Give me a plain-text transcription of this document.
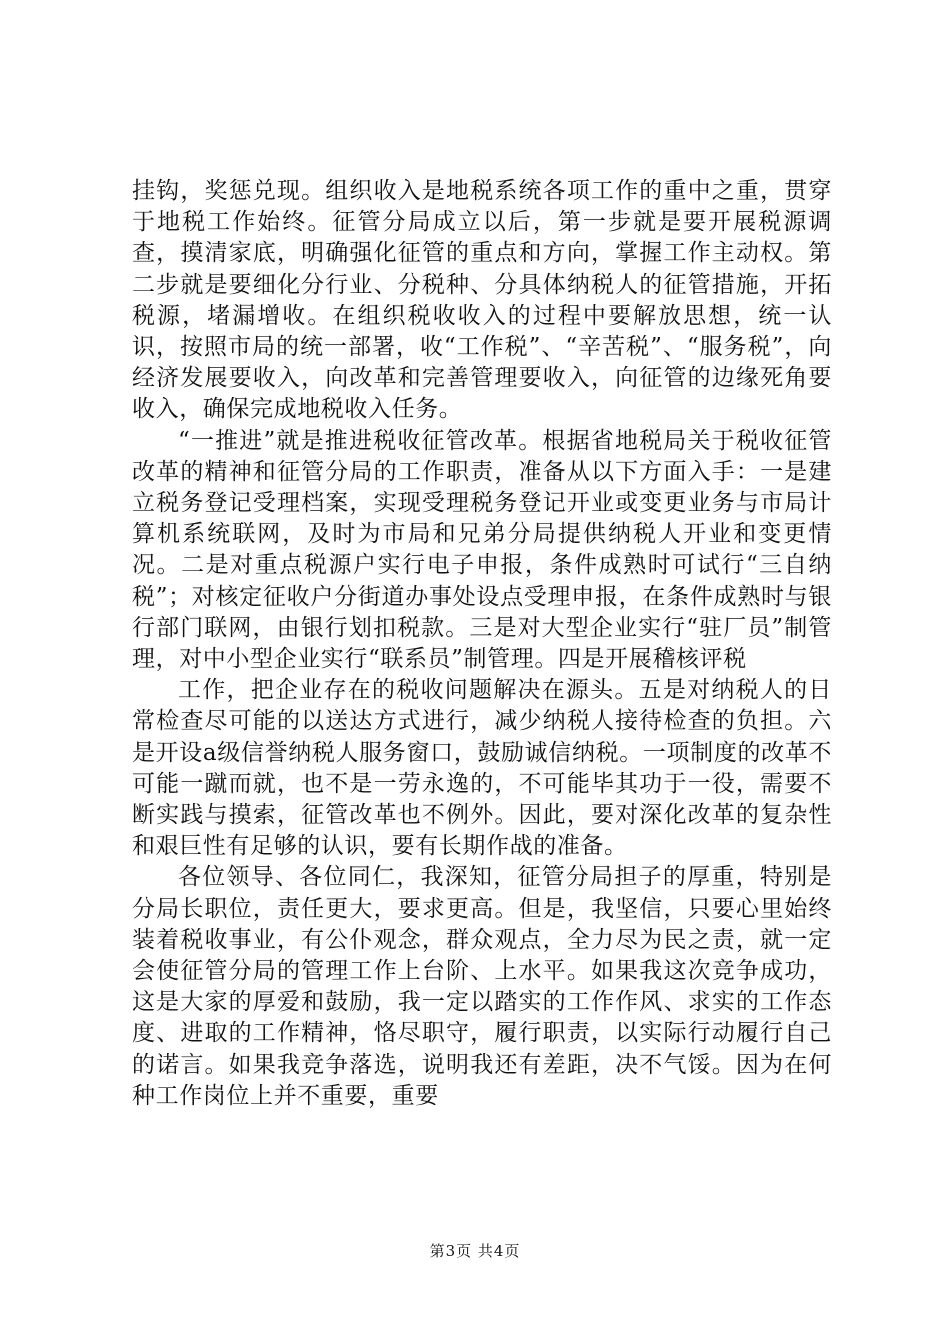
挂钩，奖惩兑现。组织收入是地税系统各项工作的重中之重，贯穿于地税工作始终。征管分局成立以后，第一步就是要开展税源调查，摸清家底，明确强化征管的重点和方向，掌握工作主动权。第二步就是要细化分行业、分税种、分具体纳税人的征管措施，开拓税源，堵漏增收。在组织税收收入的过程中要解放思想，统一认识，按照市局的统一部署，收“工作税”、“辛苦税”、“服务税”，向经济发展要收入，向改革和完善管理要收入，向征管的边缘死角要收入，确保完成地税收入任务。

“一推进”就是推进税收征管改革。根据省地税局关于税收征管改革的精神和征管分局的工作职责，准备从以下方面入手：一是建立税务登记受理档案，实现受理税务登记开业或变更业务与市局计算机系统联网，及时为市局和兄弟分局提供纳税人开业和变更情况。二是对重点税源户实行电子申报，条件成熟时可试行“三自纳税”；对核定征收户分街道办事处设点受理申报，在条件成熟时与银行部门联网，由银行划扣税款。三是对大型企业实行“驻厂员”制管理，对中小型企业实行“联系员”制管理。四是开展稽核评税

工作，把企业存在的税收问题解决在源头。五是对纳税人的日常检查尽可能的以送达方式进行，减少纳税人接待检查的负担。六是开设a级信誉纳税人服务窗口，鼓励诚信纳税。一项制度的改革不可能一蹴而就，也不是一劳永逸的，不可能毕其功于一役，需要不断实践与摸索，征管改革也不例外。因此，要对深化改革的复杂性和艰巨性有足够的认识，要有长期作战的准备。

各位领导、各位同仁，我深知，征管分局担子的厚重，特别是分局长职位，责任更大，要求更高。但是，我坚信，只要心里始终装着税收事业，有公仆观念，群众观点，全力尽为民之责，就一定会使征管分局的管理工作上台阶、上水平。如果我这次竞争成功，这是大家的厚爱和鼓励，我一定以踏实的工作作风、求实的工作态度、进取的工作精神，恪尽职守，履行职责，以实际行动履行自己的诺言。如果我竞争落选，说明我还有差距，决不气馁。因为在何种工作岗位上并不重要，重要

第3页 共4页
